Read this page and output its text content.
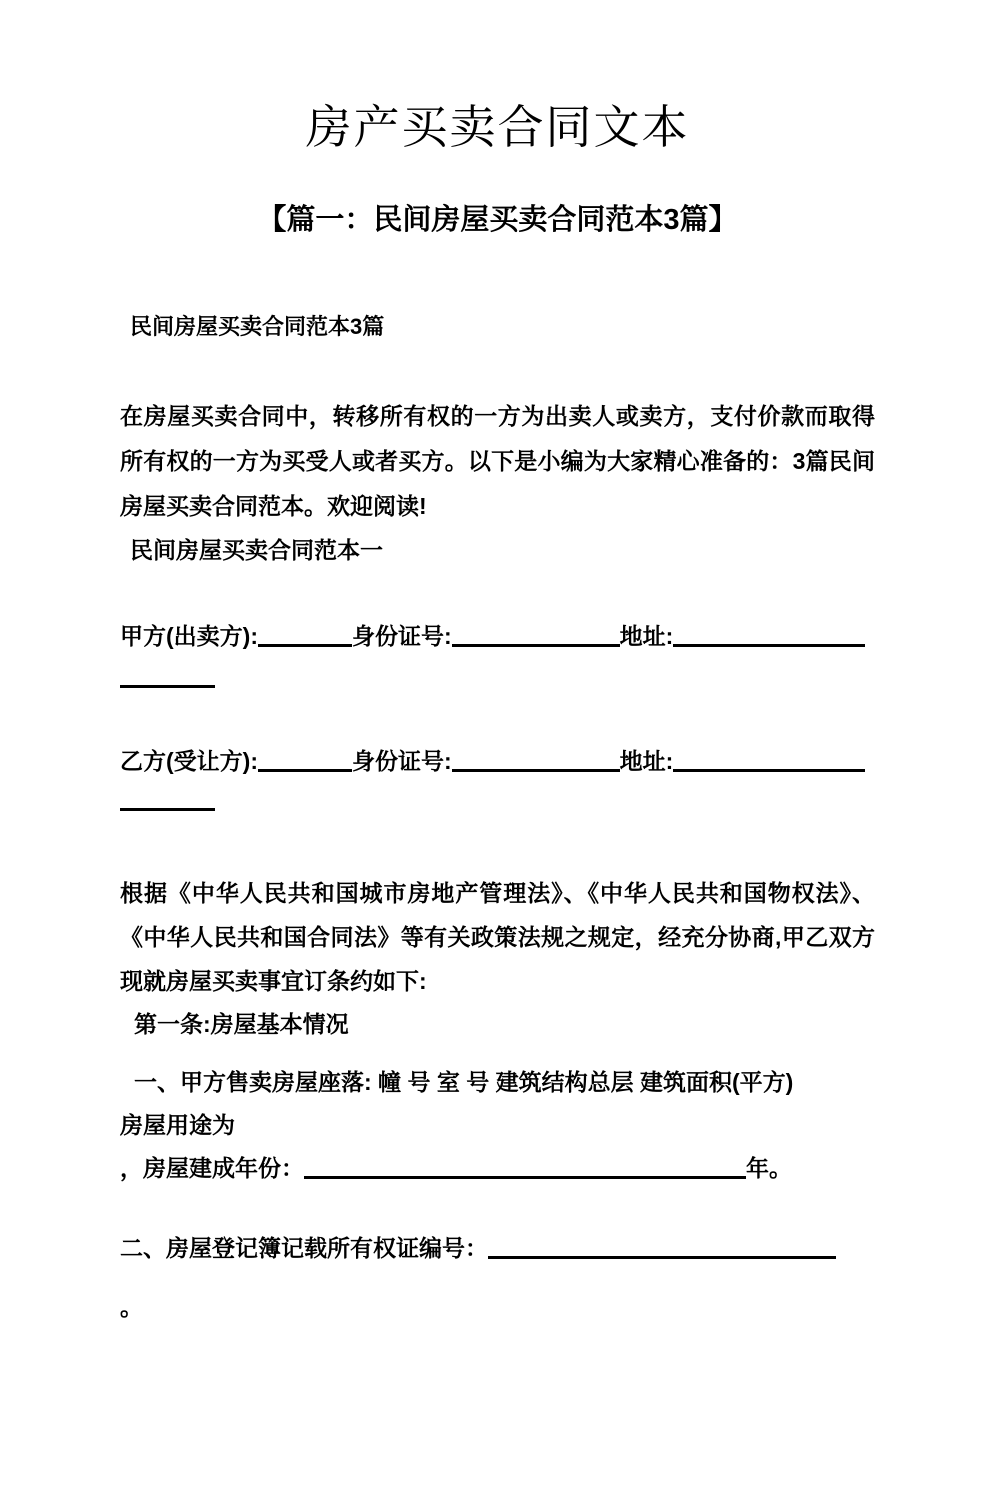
房产买卖合同文本
【篇一：民间房屋买卖合同范本3篇】
民间房屋买卖合同范本3篇
在房屋买卖合同中，转移所有权的一方为出卖人或卖方，支付价款而取得所有权的一方为买受人或者买方。以下是小编为大家精心准备的：3篇民间房屋买卖合同范本。欢迎阅读!
民间房屋买卖合同范本一
甲方(出卖方):	身份证号:	地址:
乙方(受让方):	身份证号:	地址:
根据《中华人民共和国城市房地产管理法》、《中华人民共和国物权法》、《中华人民共和国合同法》等有关政策法规之规定，经充分协商,甲乙双方现就房屋买卖事宜订条约如下:
第一条:房屋基本情况
一、甲方售卖房屋座落: 幢 号 室 号 建筑结构总层 建筑面积(平方)
房屋用途为
，房屋建成年份：	年。
二、房屋登记簿记载所有权证编号：
。
